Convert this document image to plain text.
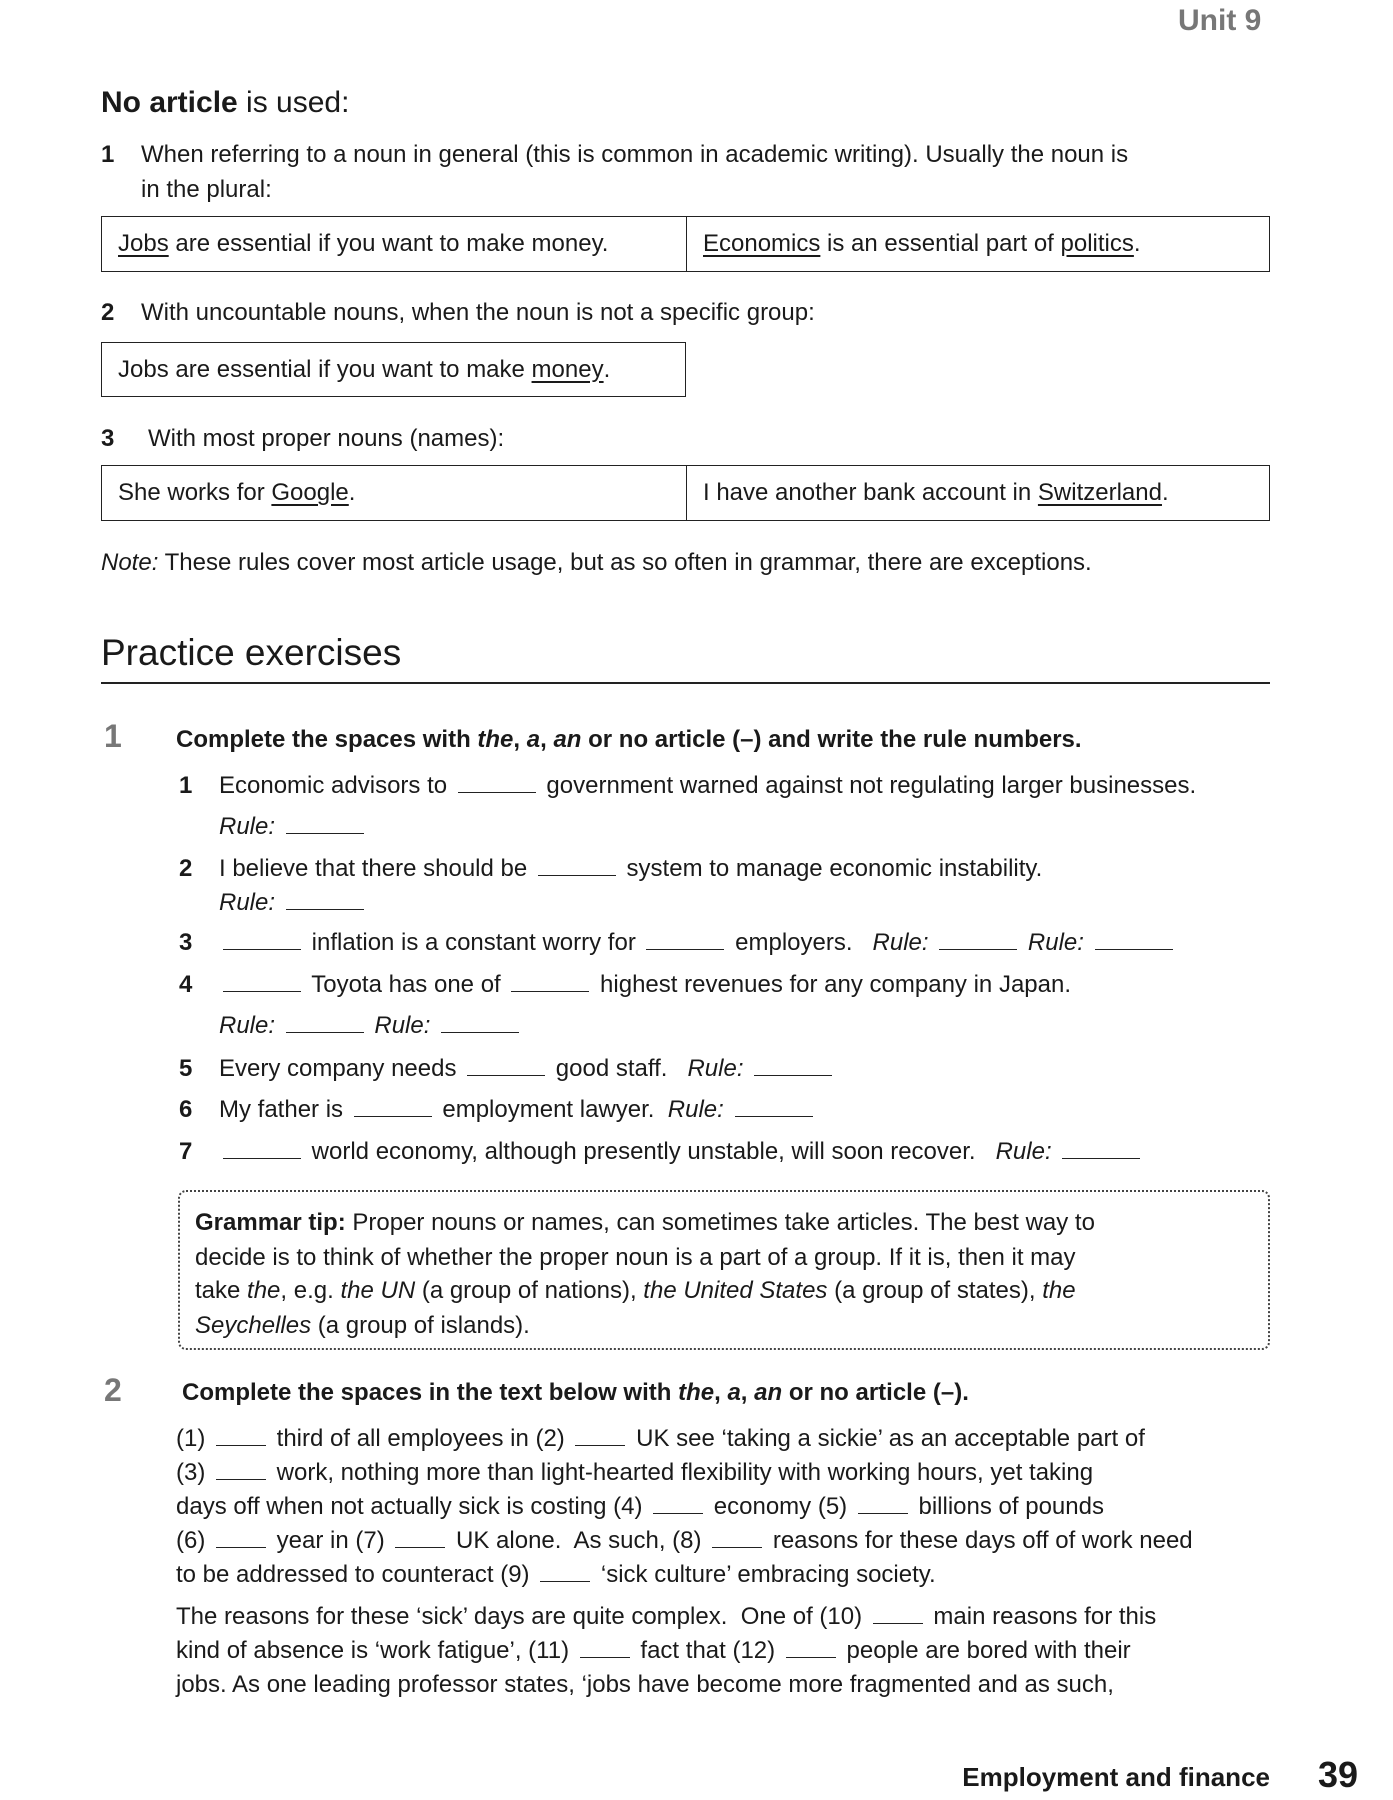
Unit 9
No article is used:
1 When referring to a noun in general (this is common in academic writing). Usually the noun is
in the plural:
Jobs are essential if you want to make money.	Economics is an essential part of politics .
2 With uncountable nouns, when the noun is not a specific group:
Jobs are essential if you want to make money .
3 With most proper nouns (names):
She works for Google .	I have another bank account in Switzerland .
Note: These rules cover most article usage, but as so often in grammar, there are exceptions.
Practice exercises
1 Complete the spaces with the, a, an or no article (–) and write the rule numbers.
1 Economic advisors to	government warned against not regulating larger businesses.
Rule:
2 I believe that there should be	system to manage economic instability.
Rule:
3	inflation is a constant worry for	employers.   Rule:	Rule:
4	Toyota has one of	highest revenues for any company in Japan.
Rule:	Rule:
5 Every company needs	good staff.   Rule:
6 My father is	employment lawyer.  Rule:
7	world economy, although presently unstable, will soon recover.   Rule:
Grammar tip: Proper nouns or names, can sometimes take articles. The best way to
decide is to think of whether the proper noun is a part of a group. If it is, then it may
take the, e.g. the UN (a group of nations), the United States (a group of states), the
Seychelles (a group of islands).
2	Complete the spaces in the text below with the, a, an or no article (–).
(1)  third of all employees in (2)  UK see ‘taking a sickie’ as an acceptable part of
(3)  work, nothing more than light-hearted flexibility with working hours, yet taking
days off when not actually sick is costing (4)  economy (5)  billions of pounds
(6)  year in (7)  UK alone.  As such, (8)  reasons for these days off of work need
to be addressed to counteract (9)  ‘sick culture’ embracing society.
The reasons for these ‘sick’ days are quite complex.  One of (10)  main reasons for this
kind of absence is ‘work fatigue’, (11)  fact that (12)  people are bored with their
jobs. As one leading professor states, ‘jobs have become more fragmented and as such,
Employment and finance 39
